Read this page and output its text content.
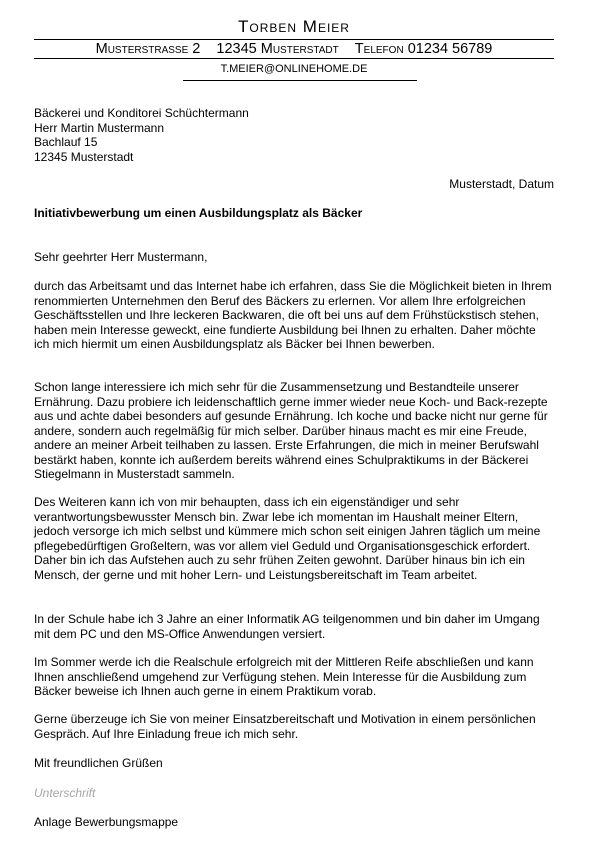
Torben Meier
Musterstrasse 2 12345 Musterstadt Telefon 01234 56789
T.MEIER@ONLINEHOME.DE
Bäckerei und Konditorei Schüchtermann
Herr Martin Mustermann
Bachlauf 15
12345 Musterstadt
Musterstadt, Datum
Initiativbewerbung um einen Ausbildungsplatz als Bäcker
Sehr geehrter Herr Mustermann,
durch das Arbeitsamt und das Internet habe ich erfahren, dass Sie die Möglichkeit bieten in Ihrem renommierten Unternehmen den Beruf des Bäckers zu erlernen. Vor allem Ihre erfolgreichen Geschäftsstellen und Ihre leckeren Backwaren, die oft bei uns auf dem Frühstückstisch stehen, haben mein Interesse geweckt, eine fundierte Ausbildung bei Ihnen zu erhalten. Daher möchte ich mich hiermit um einen Ausbildungsplatz als Bäcker bei Ihnen bewerben.
Schon lange interessiere ich mich sehr für die Zusammensetzung und Bestandteile unserer Ernährung. Dazu probiere ich leidenschaftlich gerne immer wieder neue Koch- und Back-rezepte aus und achte dabei besonders auf gesunde Ernährung. Ich koche und backe nicht nur gerne für andere, sondern auch regelmäßig für mich selber. Darüber hinaus macht es mir eine Freude, andere an meiner Arbeit teilhaben zu lassen. Erste Erfahrungen, die mich in meiner Berufswahl bestärkt haben, konnte ich außerdem bereits während eines Schulpraktikums in der Bäckerei Stiegelmann in Musterstadt sammeln.
Des Weiteren kann ich von mir behaupten, dass ich ein eigenständiger und sehr verantwortungsbewusster Mensch bin. Zwar lebe ich momentan im Haushalt meiner Eltern, jedoch versorge ich mich selbst und kümmere mich schon seit einigen Jahren täglich um meine pflegebedürftigen Großeltern, was vor allem viel Geduld und Organisationsgeschick erfordert. Daher bin ich das Aufstehen auch zu sehr frühen Zeiten gewohnt. Darüber hinaus bin ich ein Mensch, der gerne und mit hoher Lern- und Leistungsbereitschaft im Team arbeitet.
In der Schule habe ich 3 Jahre an einer Informatik AG teilgenommen und bin daher im Umgang mit dem PC und den MS-Office Anwendungen versiert.
Im Sommer werde ich die Realschule erfolgreich mit der Mittleren Reife abschließen und kann Ihnen anschließend umgehend zur Verfügung stehen. Mein Interesse für die Ausbildung zum Bäcker beweise ich Ihnen auch gerne in einem Praktikum vorab.
Gerne überzeuge ich Sie von meiner Einsatzbereitschaft und Motivation in einem persönlichen Gespräch. Auf Ihre Einladung freue ich mich sehr.
Mit freundlichen Grüßen
Unterschrift
Anlage Bewerbungsmappe
